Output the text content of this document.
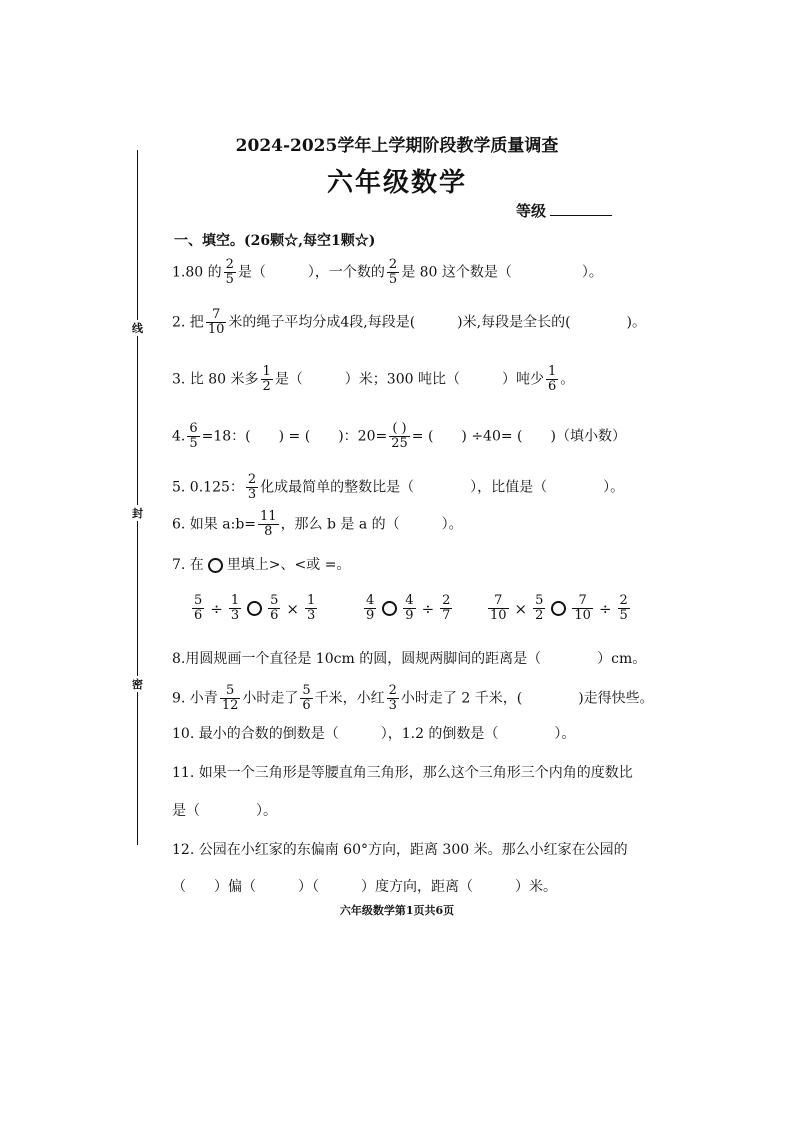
线
封
密
2024-2025学年上学期阶段教学质量调查
六年级数学
等级
一、填空。(26颗☆,每空1颗☆)
1.80 的 $\frac{2}{5}$ 是（　　　），一个数的 $\frac{2}{5}$ 是 80 这个数是（　　　　　）。
2. 把 $\frac{7}{10}$ 米的绳子平均分成4段,每段是(　　　)米,每段是全长的(　　　　)。
3. 比 80 米多 $\frac{1}{2}$ 是（　　　）米；300 吨比（　　　）吨少 $\frac{1}{6}$ 。
4. $\frac{6}{5} =18$：(　　) = (　　)：$20= \frac{( )}{25}$ = (　　) ÷40= (　　)（填小数）
5. 0.125： $\frac{2}{3}$ 化成最简单的整数比是（　　　　），比值是（　　　　）。
6. 如果 a:b= $\frac{11}{8}$ ，那么 b 是 a 的（　　　）。
7. 在 里填上>、<或 =。
$\frac{5}{6} \div \frac{1}{3} \frac{5}{6} \times \frac{1}{3}$	$\frac{4}{9} \frac{4}{9} \div \frac{2}{7}$	$\frac{7}{10} \times \frac{5}{2} \frac{7}{10} \div \frac{2}{5}$
8.用圆规画一个直径是 10cm 的圆，圆规两脚间的距离是（　　　　）cm。
9. 小青 $\frac{5}{12}$ 小时走了 $\frac{5}{6}$ 千米，小红 $\frac{2}{3}$ 小时走了 2 千米，(　　　　)走得快些。
10. 最小的合数的倒数是（　　　），1.2 的倒数是（　　　　）。
11. 如果一个三角形是等腰直角三角形，那么这个三角形三个内角的度数比
是（　　　　）。
12. 公园在小红家的东偏南 60°方向，距离 300 米。那么小红家在公园的
（　　）偏（　　　）（　　　）度方向，距离（　　　）米。
六年级数学第1页共6页
